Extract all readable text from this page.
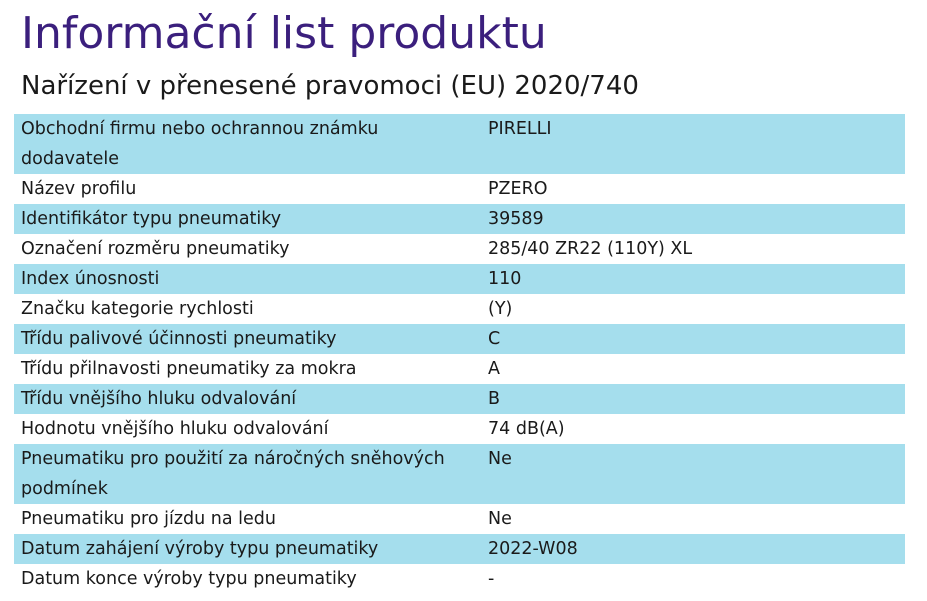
Informační list produktu
Nařízení v přenesené pravomoci (EU) 2020/740
Obchodní firmu nebo ochrannou známku dodavatele	PIRELLI
Název profilu	PZERO
Identifikátor typu pneumatiky	39589
Označení rozměru pneumatiky	285/40 ZR22 (110Y) XL
Index únosnosti	110
Značku kategorie rychlosti	(Y)
Třídu palivové účinnosti pneumatiky	C
Třídu přilnavosti pneumatiky za mokra	A
Třídu vnějšího hluku odvalování	B
Hodnotu vnějšího hluku odvalování	74 dB(A)
Pneumatiku pro použití za náročných sněhových podmínek	Ne
Pneumatiku pro jízdu na ledu	Ne
Datum zahájení výroby typu pneumatiky	2022-W08
Datum konce výroby typu pneumatiky	-
